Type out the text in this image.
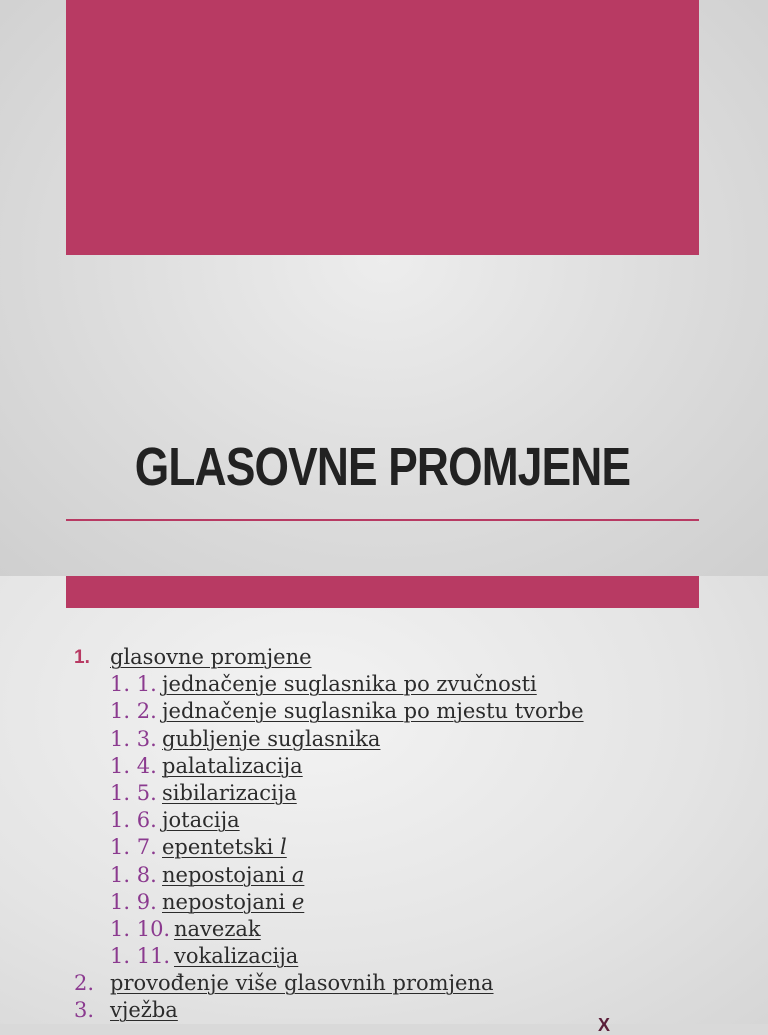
GLASOVNE PROMJENE
1. glasovne promjene
1. 1. jednačenje suglasnika po zvučnosti
1. 2. jednačenje suglasnika po mjestu tvorbe
1. 3. gubljenje suglasnika
1. 4. palatalizacija
1. 5. sibilarizacija
1. 6. jotacija
1. 7. epentetski l
1. 8. nepostojani a
1. 9. nepostojani e
1. 10. navezak
1. 11. vokalizacija
2. provođenje više glasovnih promjena
3. vježba
X
